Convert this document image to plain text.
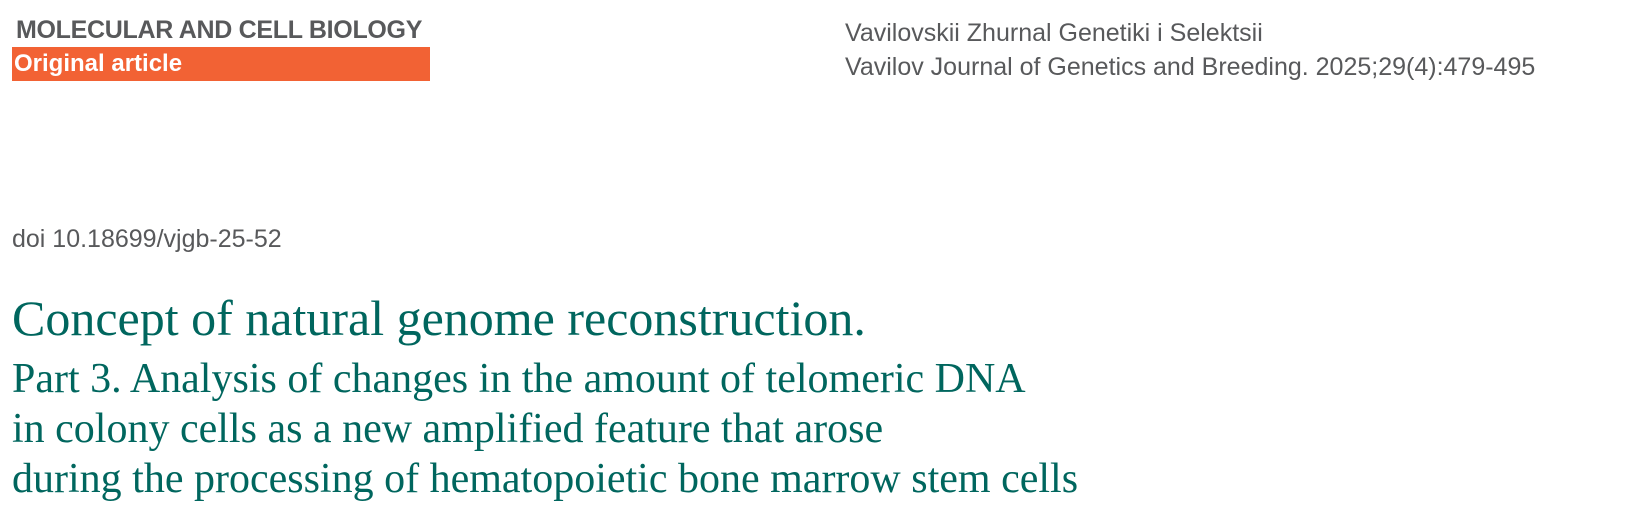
MOLECULAR AND CELL BIOLOGY
Original article
Vavilovskii Zhurnal Genetiki i Selektsii
Vavilov Journal of Genetics and Breeding. 2025;29(4):479-495
doi 10.18699/vjgb-25-52
Concept of natural genome reconstruction.
Part 3. Analysis of changes in the amount of telomeric DNA
in colony cells as a new amplified feature that arose
during the processing of hematopoietic bone marrow stem cells
